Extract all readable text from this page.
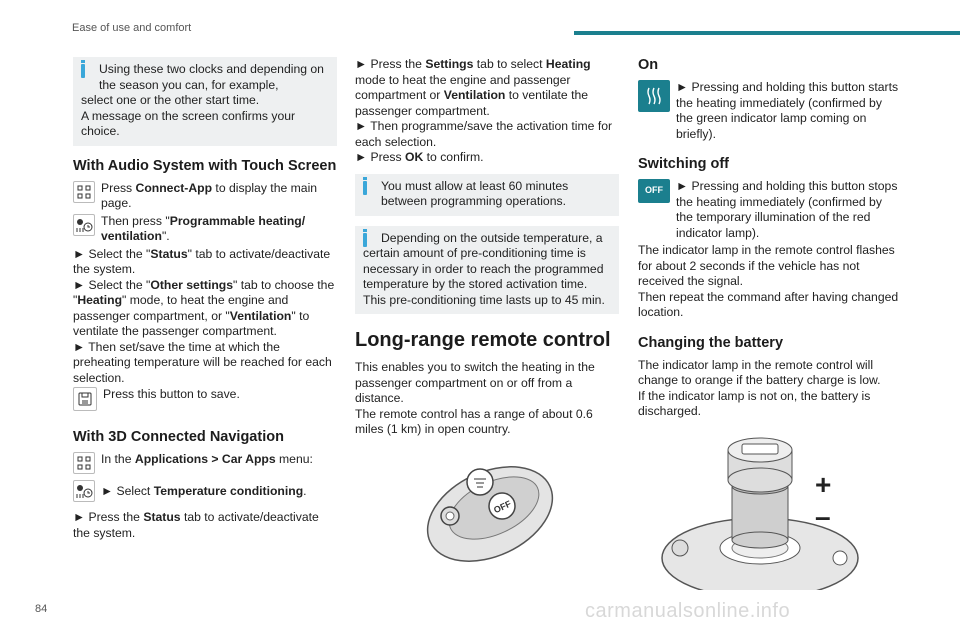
Ease of use and comfort

Using these two clocks and depending on the season you can, for example,

select one or the other start time.

A message on the screen confirms your choice.

With Audio System with Touch Screen

Press Connect-App to display the main page.

Then press "Programmable heating/ ventilation".

► Select the "Status" tab to activate/deactivate the system.

► Select the "Other settings" tab to choose the "Heating" mode, to heat the engine and passenger compartment, or "Ventilation" to ventilate the passenger compartment.

► Then set/save the time at which the preheating temperature will be reached for each selection.

Press this button to save.

With 3D Connected Navigation

In the Applications > Car Apps menu:

► Select Temperature conditioning.

► Press the Status tab to activate/deactivate the system.

► Press the Settings tab to select Heating mode to heat the engine and passenger compartment or Ventilation to ventilate the passenger compartment.

► Then programme/save the activation time for each selection.

► Press OK to confirm.

You must allow at least 60 minutes between programming operations.

Depending on the outside temperature, a certain amount of pre-conditioning time is necessary in order to reach the programmed temperature by the stored activation time.

This pre-conditioning time lasts up to 45 min.

Long-range remote control

This enables you to switch the heating in the passenger compartment on or off from a distance.

The remote control has a range of about 0.6 miles (1 km) in open country.

OFF
On

► Pressing and holding this button starts the heating immediately (confirmed by the green indicator lamp coming on briefly).

Switching off
OFF	► Pressing and holding this button stops the heating immediately (confirmed by the temporary illumination of the red indicator lamp).

The indicator lamp in the remote control flashes for about 2 seconds if the vehicle has not received the signal.

Then repeat the command after having changed location.

Changing the battery

The indicator lamp in the remote control will change to orange if the battery charge is low.

If the indicator lamp is not on, the battery is discharged.

+
–
84	carmanualsonline.info
